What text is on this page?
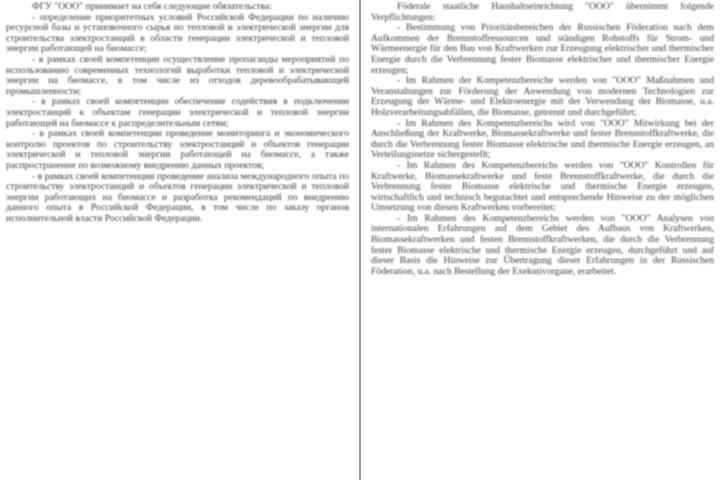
ФГУ "ООО" принимает на себя следующие обязательства:

- определение приоритетных условий Российской Федерации по наличию ресурсной базы и установочного сырья по тепловой и электрической энергии для строительства электростанций в области генерации электрической и тепловой энергии работающей на биомассе;

- в рамках своей компетенции осуществление пропаганды мероприятий по использованию современных технологий выработки тепловой и электрической энергии на биомассе, в том числе из отходов деревообрабатывающей промышленности;

- в рамках своей компетенции обеспечение содействия в подключении электростанций к объектам генерации электрической и тепловой энергии работающей на биомассе к распределительным сетям;

- в рамках своей компетенции проведение мониторинга и экономического контролю проектов по строительству электростанций и объектов генерации электрической и тепловой энергии работающей на биомассе, а также распространение по возможному внедрению данных проектов;

- в рамках своей компетенции проведение анализа международного опыта по строительству электростанций и объектов генерации электрической и тепловой энергии работающих на биомассе и разработка рекомендаций по внедрению данного опыта в Российской Федерации, в том числе по заказу органов исполнительной власти Российской Федерации.

Föderale staatliche Haushaltseinrichtung "OOO" übernimmt folgende Verpflichtungen:

- Bestimmung von Prioritätsbereichen der Russischen Föderation nach dem Aufkommen der Brennstoffressourcen und ständigen Rohstoffs für Strom- und Wärmeenergie für den Bau von Kraftwerken zur Erzeugung elektrischer und thermischer Energie durch die Verbrennung fester Biomasse elektrischer und thermischer Energie erzeugen;

- Im Rahmen der Kompetenzbereiche werden von "OOO" Maßnahmen und Veranstaltungen zur Förderung der Anwendung von modernen Technologien zur Erzeugung der Wärme- und Elektroenergie mit der Verwendung der Biomasse, u.a. Holzverarbeitungsabfällen, die Biomasse, getrennt und durchgeführt;

- Im Rahmen des Kompetenzbereichs wird von "OOO" Mitwirkung bei der Anschließung der Kraftwerke, Biomassekraftwerke und fester Brennstoffkraftwerke, die durch die Verbrennung fester Biomasse elektrische und thermische Energie erzeugen, an Verteilungsnetze sichergestellt;

- Im Rahmen des Kompetenzbereichs werden von "OOO" Kontrollen für Kraftwerke, Biomassekraftwerke und feste Brennstoffkraftwerke, die durch die Verbrennung fester Biomasse elektrische und thermische Energie erzeugen, wirtschaftlich und technisch begutachtet und entsprechende Hinweise zu der möglichen Umsetzung von diesen Kraftwerken vorbereitet;

- Im Rahmen des Kompetenzbereichs werden von "OOO" Analysen von internationalen Erfahrungen auf dem Gebiet des Aufbaus von Kraftwerken, Biomassekraftwerken und festen Brennstoffkraftwerken, die durch die Verbrennung fester Biomasse elektrische und thermische Energie erzeugen, durchgeführt und auf dieser Basis die Hinweise zur Übertragung dieser Erfahrungen in der Russischen Föderation, u.a. nach Bestellung der Exekutivorgane, erarbeitet.
